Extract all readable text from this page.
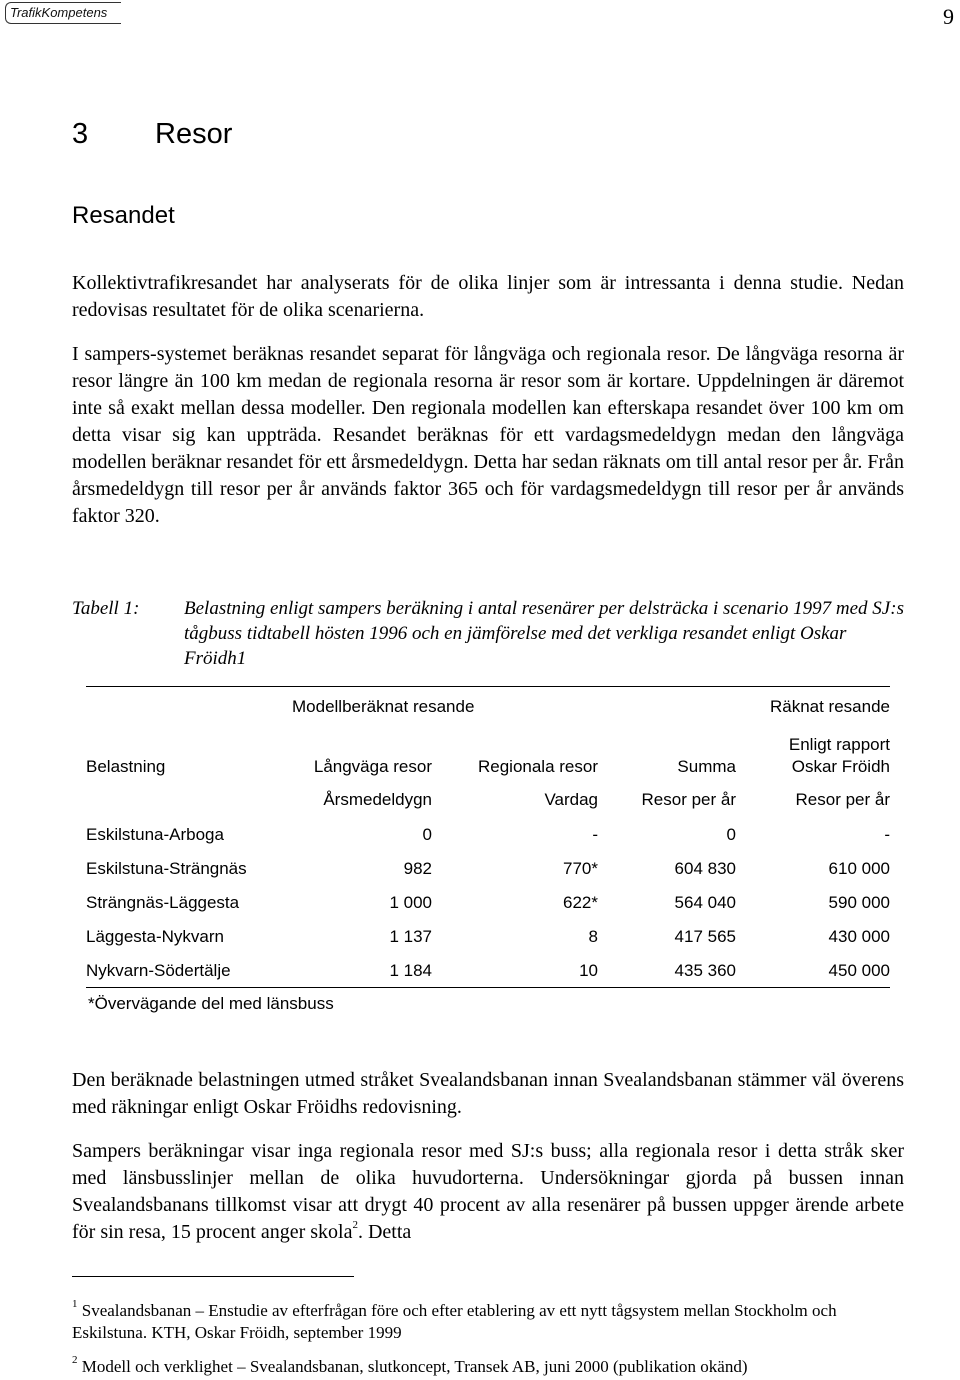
TrafikKompetens	9
3 Resor
Resandet
Kollektivtrafikresandet har analyserats för de olika linjer som är intressanta i denna studie. Nedan redovisas resultatet för de olika scenarierna.
I sampers-systemet beräknas resandet separat för långväga och regionala resor. De långväga resorna är resor längre än 100 km medan de regionala resorna är resor som är kortare. Uppdelningen är däremot inte så exakt mellan dessa modeller. Den regionala modellen kan efterskapa resandet över 100 km om detta visar sig kan uppträda. Resandet beräknas för ett vardagsmedeldygn medan den långväga modellen beräknar resandet för ett årsmedeldygn. Detta har sedan räknats om till antal resor per år. Från årsmedeldygn till resor per år används faktor 365 och för vardagsmedeldygn till resor per år används faktor 320.
Tabell 1: Belastning enligt sampers beräkning i antal resenärer per delsträcka i scenario 1997 med SJ:s tågbuss tidtabell hösten 1996 och en jämförelse med det verkliga resandet enligt Oskar Fröidh1
	Modellberäknat resande			Räknat resande
Belastning	Långväga resor	Regionala resor	Summa	Enligt rapport
Oskar Fröidh

	Årsmedeldygn	Vardag	Resor per år	Resor per år
Eskilstuna-Arboga	0	-	0	-
Eskilstuna-Strängnäs	982	770*	604 830	610 000
Strängnäs-Läggesta	1 000	622*	564 040	590 000
Läggesta-Nykvarn	1 137	8	417 565	430 000
Nykvarn-Södertälje	1 184	10	435 360	450 000
*Övervägande del med länsbuss
Den beräknade belastningen utmed stråket Svealandsbanan innan Svealandsbanan stämmer väl överens med räkningar enligt Oskar Fröidhs redovisning.
Sampers beräkningar visar inga regionala resor med SJ:s buss; alla regionala resor i detta stråk sker med länsbusslinjer mellan de olika huvudorterna. Undersökningar gjorda på bussen innan Svealandsbanans tillkomst visar att drygt 40 procent av alla resenärer på bussen uppger ärende arbete för sin resa, 15 procent anger skola$^2$. Detta
$^1$ Svealandsbanan – Enstudie av efterfrågan före och efter etablering av ett nytt tågsystem mellan Stockholm och Eskilstuna. KTH, Oskar Fröidh, september 1999
$^2$ Modell och verklighet – Svealandsbanan, slutkoncept, Transek AB, juni 2000 (publikation okänd)
